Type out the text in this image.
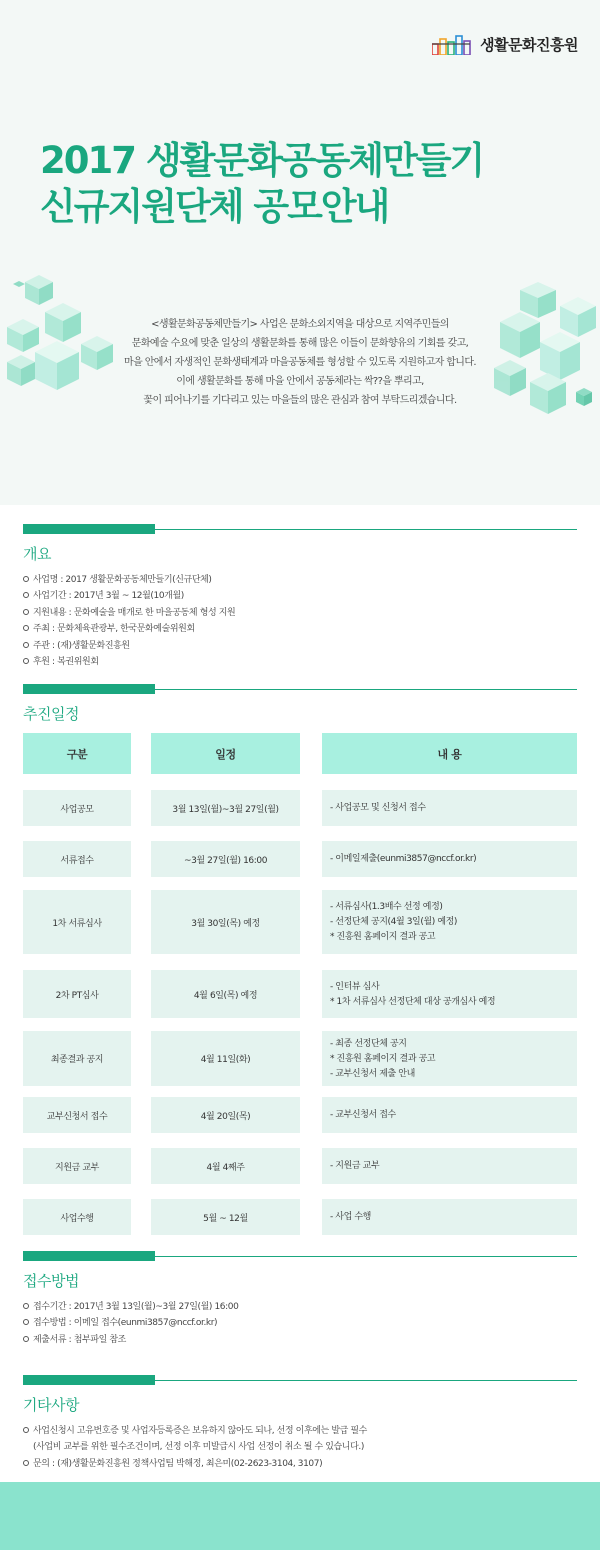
생활문화진흥원
2017 생활문화공동체만들기
신규지원단체 공모안내
<생활문화공동체만들기> 사업은 문화소외지역을 대상으로 지역주민들의
문화예술 수요에 맞춘 일상의 생활문화를 통해 많은 이들이 문화향유의 기회를 갖고,
마을 안에서 자생적인 문화생태계과 마을공동체를 형성할 수 있도록 지원하고자 합니다.
이에 생활문화를 통해 마을 안에서 공동체라는 싹??을 뿌리고,
꽃이 피어나기를 기다리고 있는 마을들의 많은 관심과 참여 부탁드리겠습니다.
개요
사업명 : 2017 생활문화공동체만들기(신규단체)
사업기간 : 2017년 3월 ~ 12월(10개월)
지원내용 : 문화예술을 매개로 한 마을공동체 형성 지원
주최 : 문화체육관광부, 한국문화예술위원회
주관 : (재)생활문화진흥원
후원 : 복권위원회
추진일정
구분	일정	내 용
사업공모	3월 13일(월)~3월 27일(월)	- 사업공모 및 신청서 접수
서류접수	~3월 27일(월) 16:00	- 이메일제출(eunmi3857@nccf.or.kr)
1차 서류심사	3월 30일(목) 예정
- 서류심사(1.3배수 선정 예정)
- 선정단체 공지(4월 3일(월) 예정)
* 진흥원 홈페이지 결과 공고
2차 PT심사	4월 6일(목) 예정
- 인터뷰 심사
* 1차 서류심사 선정단체 대상 공개심사 예정
최종결과 공지	4월 11일(화)
- 최종 선정단체 공지
* 진흥원 홈페이지 결과 공고
- 교부신청서 제출 안내
교부신청서 접수	4월 20일(목)	- 교부신청서 접수
지원금 교부	4월 4째주	- 지원금 교부
사업수행	5월 ~ 12월	- 사업 수행
접수방법
접수기간 : 2017년 3월 13일(월)~3월 27일(월) 16:00
접수방법 : 이메일 접수(eunmi3857@nccf.or.kr)
제출서류 : 첨부파일 참조
기타사항
사업신청시 고유번호증 및 사업자등록증은 보유하지 않아도 되나, 선정 이후에는 발급 필수
(사업비 교부를 위한 필수조건이며, 선정 이후 미발급시 사업 선정이 취소 될 수 있습니다.)
문의 : (재)생활문화진흥원 정책사업팀 박해정, 최은미(02-2623-3104, 3107)
